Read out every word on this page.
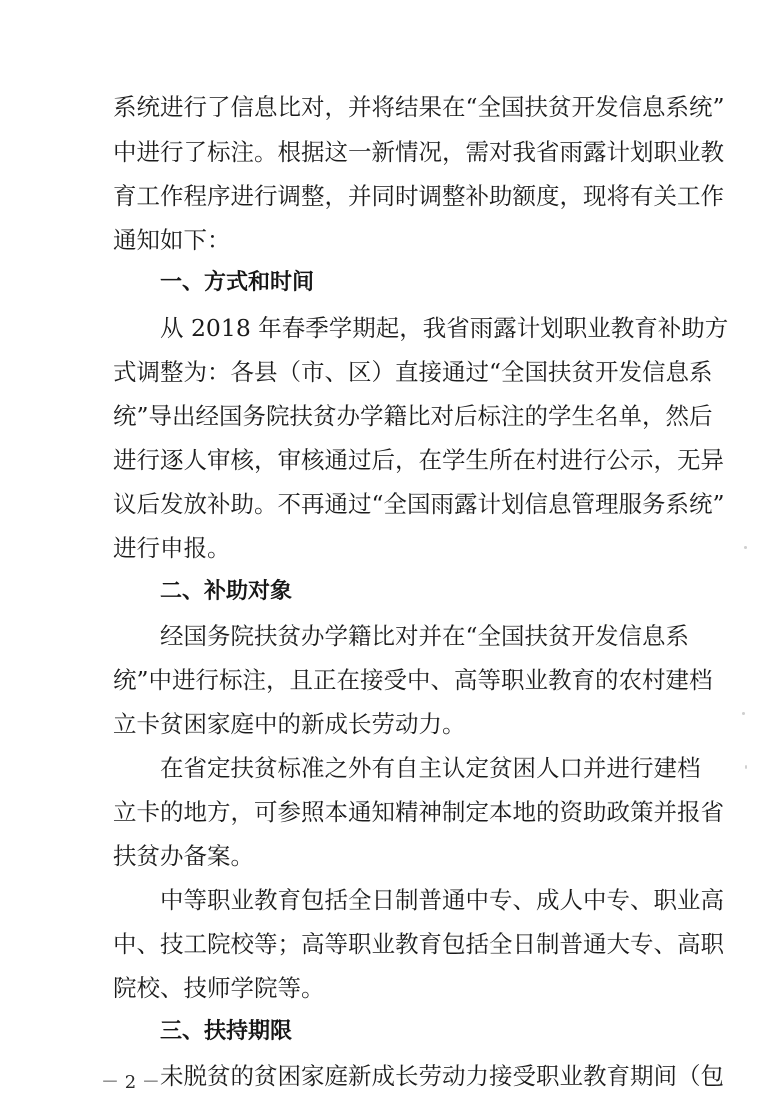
系统进行了信息比对，并将结果在“全国扶贫开发信息系统”
中进行了标注。根据这一新情况，需对我省雨露计划职业教
育工作程序进行调整，并同时调整补助额度，现将有关工作
通知如下：
一、方式和时间
从 2018 年春季学期起，我省雨露计划职业教育补助方
式调整为：各县（市、区）直接通过“全国扶贫开发信息系
统”导出经国务院扶贫办学籍比对后标注的学生名单，然后
进行逐人审核，审核通过后，在学生所在村进行公示，无异
议后发放补助。不再通过“全国雨露计划信息管理服务系统”
进行申报。
二、补助对象
经国务院扶贫办学籍比对并在“全国扶贫开发信息系
统”中进行标注，且正在接受中、高等职业教育的农村建档
立卡贫困家庭中的新成长劳动力。
在省定扶贫标准之外有自主认定贫困人口并进行建档
立卡的地方，可参照本通知精神制定本地的资助政策并报省
扶贫办备案。
中等职业教育包括全日制普通中专、成人中专、职业高
中、技工院校等；高等职业教育包括全日制普通大专、高职
院校、技师学院等。
三、扶持期限
未脱贫的贫困家庭新成长劳动力接受职业教育期间（包
－ 2 －
